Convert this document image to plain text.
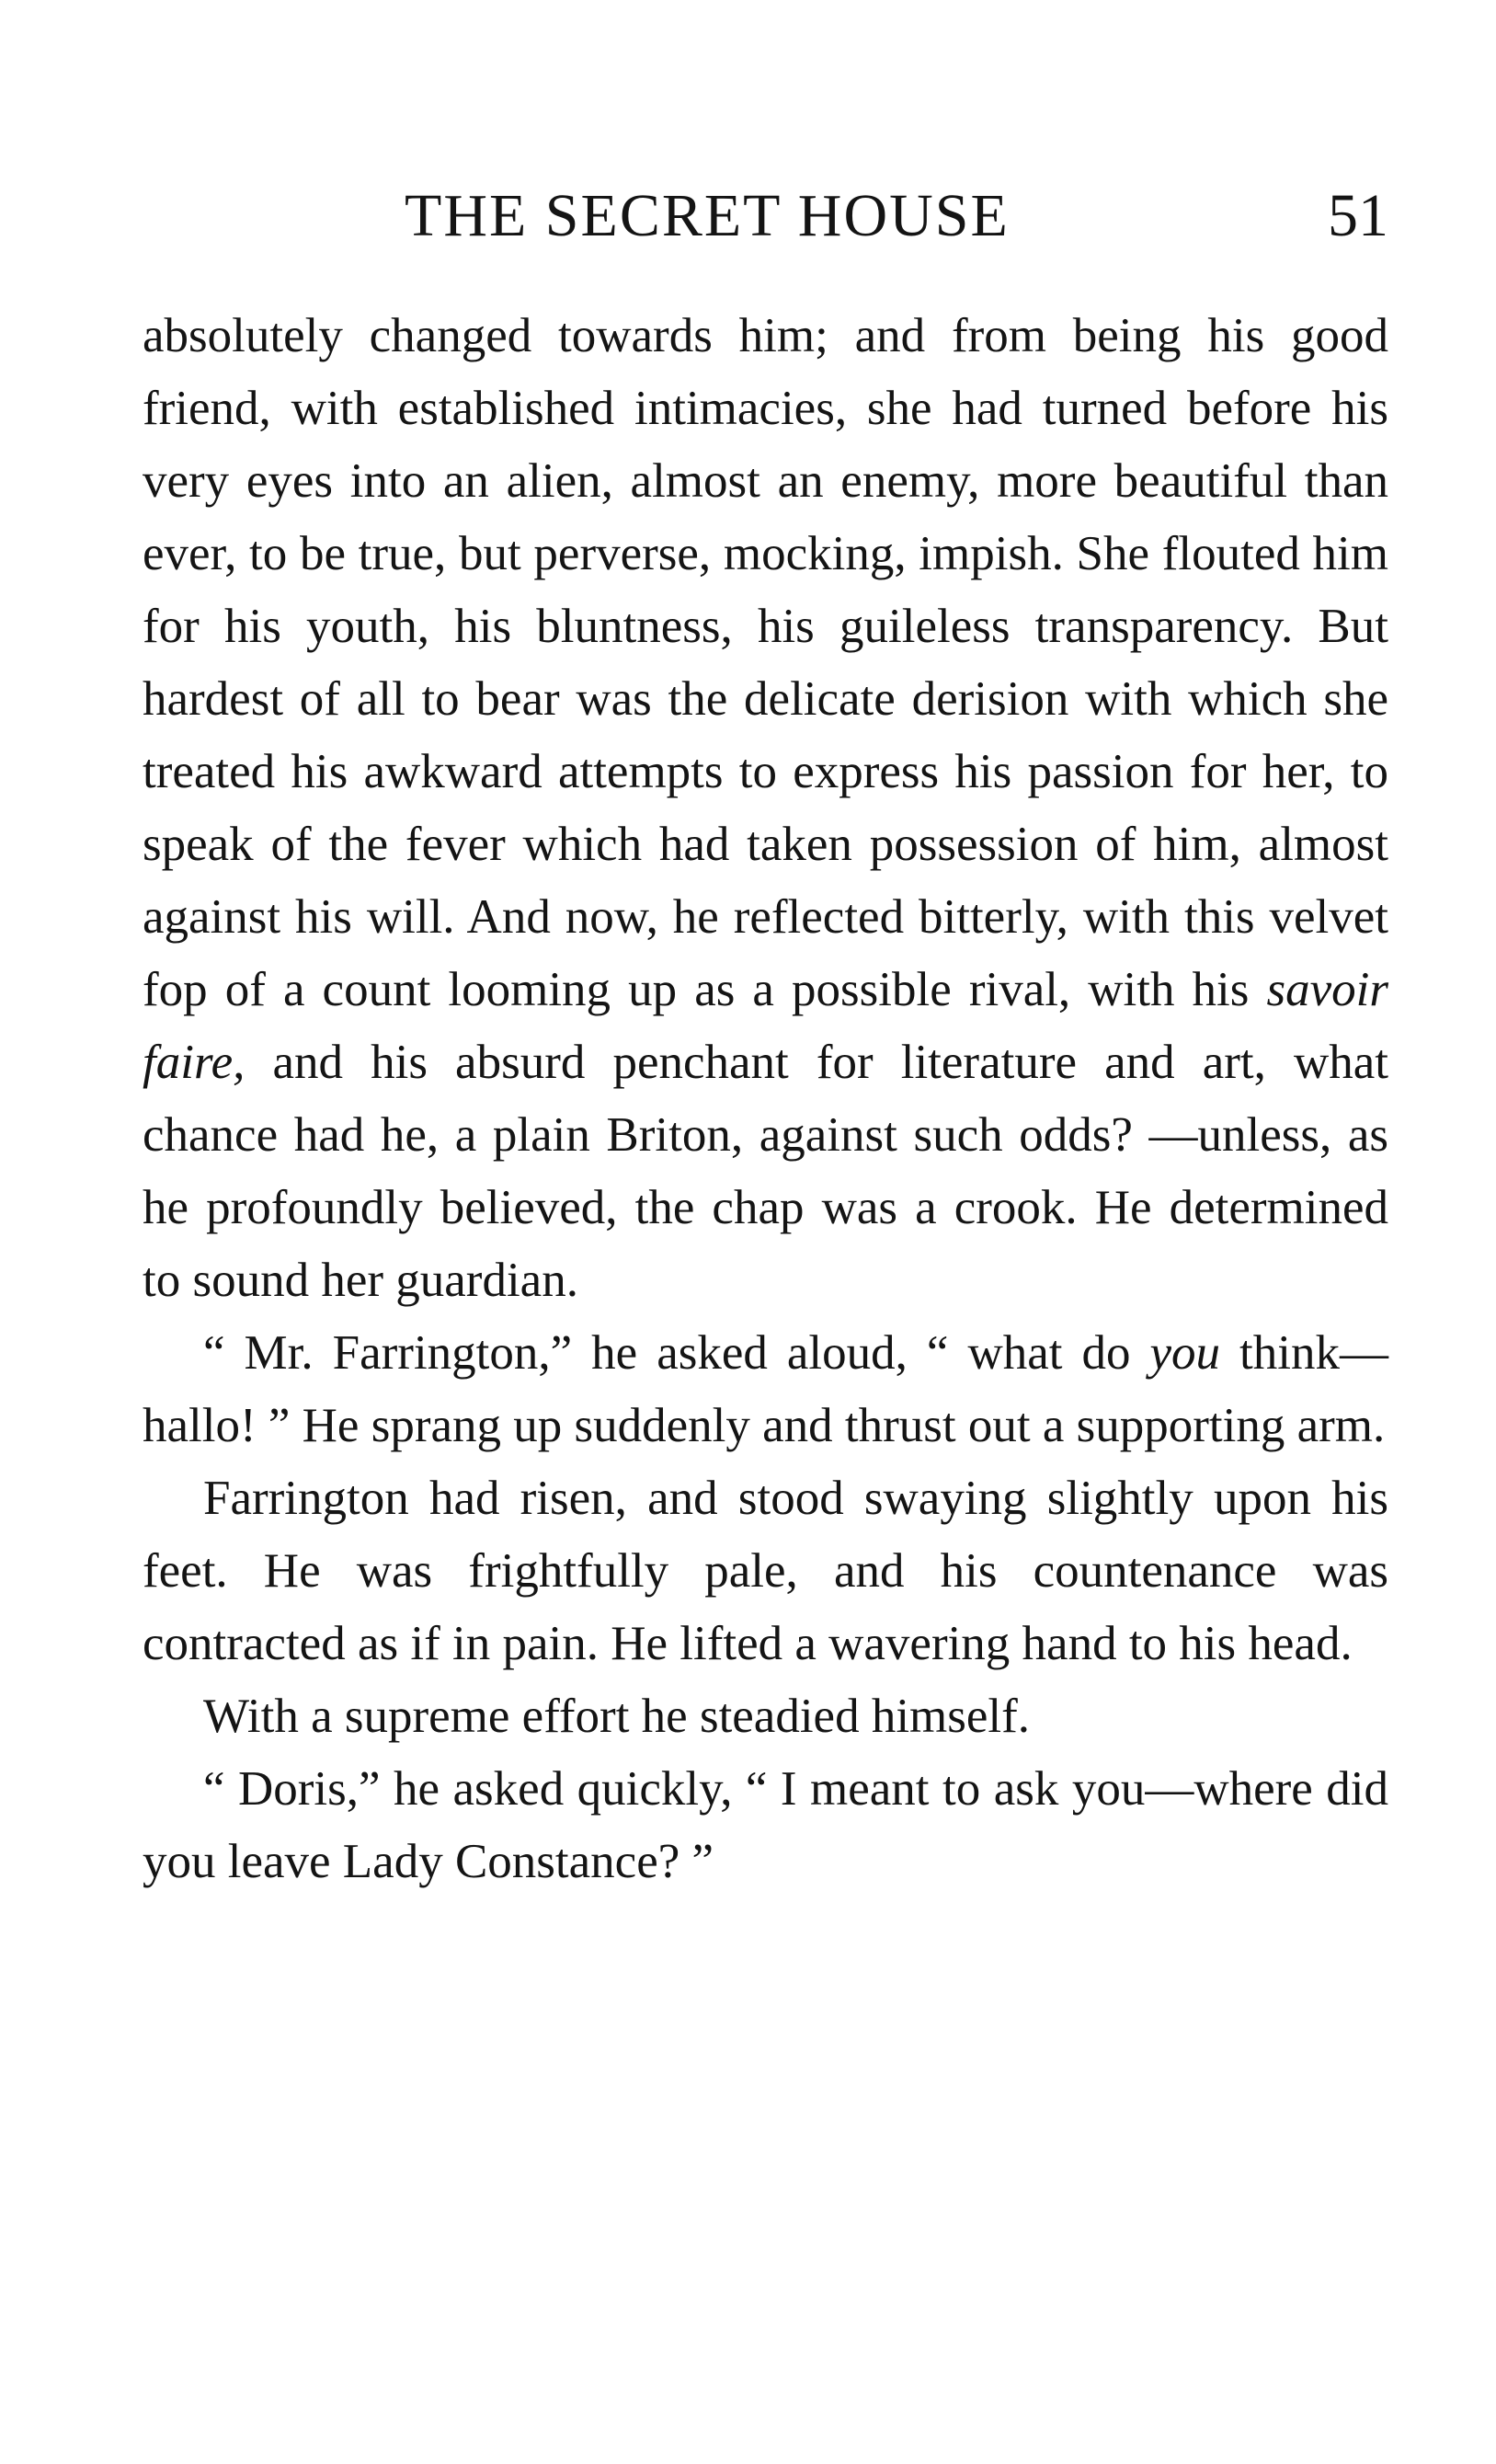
THE SECRET HOUSE	51

absolutely changed towards him; and from being his good friend, with established intimacies, she had turned before his very eyes into an alien, almost an enemy, more beautiful than ever, to be true, but perverse, mocking, impish. She flouted him for his youth, his bluntness, his guileless transparency. But hardest of all to bear was the delicate derision with which she treated his awkward attempts to express his passion for her, to speak of the fever which had taken possession of him, almost against his will. And now, he reflected bitterly, with this velvet fop of a count looming up as a possible rival, with his savoir faire, and his absurd penchant for literature and art, what chance had he, a plain Briton, against such odds? —unless, as he profoundly believed, the chap was a crook. He determined to sound her guardian.

“ Mr. Farrington,” he asked aloud, “ what do you think—hallo! ” He sprang up suddenly and thrust out a supporting arm.

Farrington had risen, and stood swaying slightly upon his feet. He was frightfully pale, and his countenance was contracted as if in pain. He lifted a wavering hand to his head.

With a supreme effort he steadied himself.

“ Doris,” he asked quickly, “ I meant to ask you—where did you leave Lady Constance? ”
